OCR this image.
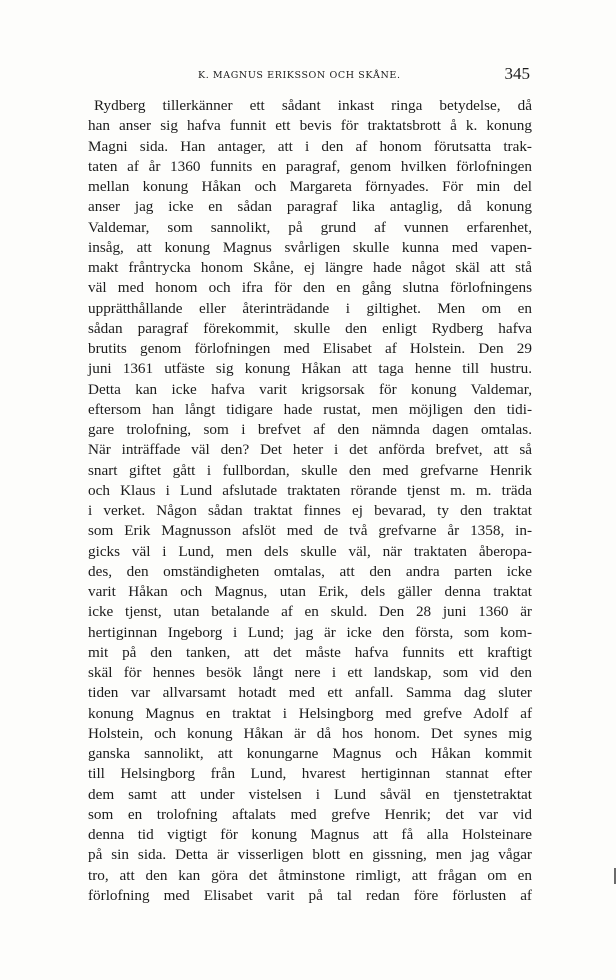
K. MAGNUS ERIKSSON OCH SKÅNE.	345
Rydberg tillerkänner ett sådant inkast ringa betydelse, då
han anser sig hafva funnit ett bevis för traktatsbrott å k. konung
Magni sida. Han antager, att i den af honom förutsatta trak-
taten af år 1360 funnits en paragraf, genom hvilken förlofningen
mellan konung Håkan och Margareta förnyades. För min del
anser jag icke en sådan paragraf lika antaglig, då konung
Valdemar, som sannolikt, på grund af vunnen erfarenhet,
insåg, att konung Magnus svårligen skulle kunna med vapen-
makt fråntrycka honom Skåne, ej längre hade något skäl att stå
väl med honom och ifra för den en gång slutna förlofningens
upprätthållande eller återinträdande i giltighet. Men om en
sådan paragraf förekommit, skulle den enligt Rydberg hafva
brutits genom förlofningen med Elisabet af Holstein. Den 29
juni 1361 utfäste sig konung Håkan att taga henne till hustru.
Detta kan icke hafva varit krigsorsak för konung Valdemar,
eftersom han långt tidigare hade rustat, men möjligen den tidi-
gare trolofning, som i brefvet af den nämnda dagen omtalas.
När inträffade väl den? Det heter i det anförda brefvet, att så
snart giftet gått i fullbordan, skulle den med grefvarne Henrik
och Klaus i Lund afslutade traktaten rörande tjenst m. m. träda
i verket. Någon sådan traktat finnes ej bevarad, ty den traktat
som Erik Magnusson afslöt med de två grefvarne år 1358, in-
gicks väl i Lund, men dels skulle väl, när traktaten åberopa-
des, den omständigheten omtalas, att den andra parten icke
varit Håkan och Magnus, utan Erik, dels gäller denna traktat
icke tjenst, utan betalande af en skuld. Den 28 juni 1360 är
hertiginnan Ingeborg i Lund; jag är icke den första, som kom-
mit på den tanken, att det måste hafva funnits ett kraftigt
skäl för hennes besök långt nere i ett landskap, som vid den
tiden var allvarsamt hotadt med ett anfall. Samma dag sluter
konung Magnus en traktat i Helsingborg med grefve Adolf af
Holstein, och konung Håkan är då hos honom. Det synes mig
ganska sannolikt, att konungarne Magnus och Håkan kommit
till Helsingborg från Lund, hvarest hertiginnan stannat efter
dem samt att under vistelsen i Lund såväl en tjenstetraktat
som en trolofning aftalats med grefve Henrik; det var vid
denna tid vigtigt för konung Magnus att få alla Holsteinare
på sin sida. Detta är visserligen blott en gissning, men jag vågar
tro, att den kan göra det åtminstone rimligt, att frågan om en
förlofning med Elisabet varit på tal redan före förlusten af
